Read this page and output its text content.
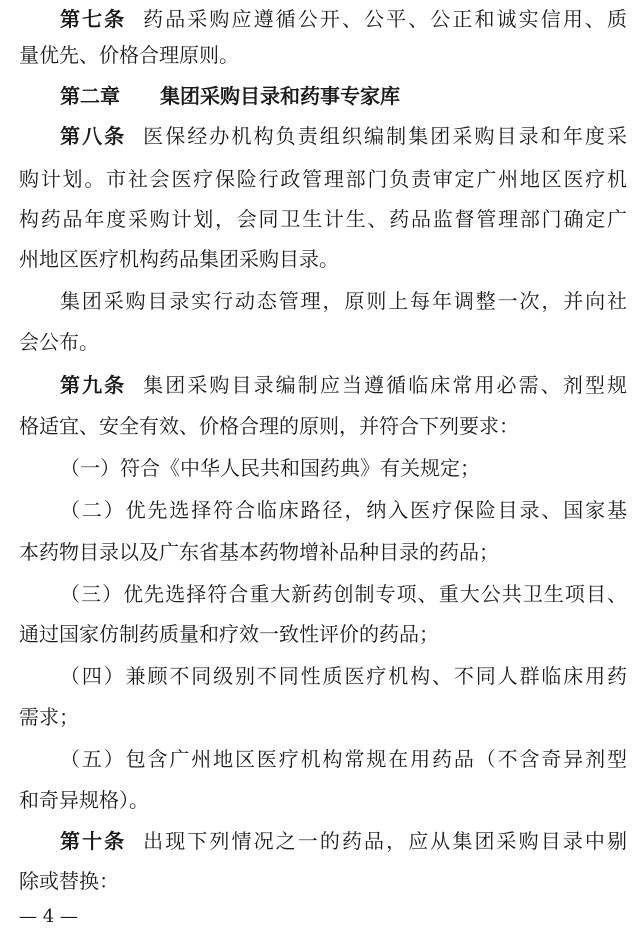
第七条 药品采购应遵循公开、公平、公正和诚实信用、质
量优先、价格合理原则。
第二章 集团采购目录和药事专家库
第八条 医保经办机构负责组织编制集团采购目录和年度采
购计划。市社会医疗保险行政管理部门负责审定广州地区医疗机
构药品年度采购计划，会同卫生计生、药品监督管理部门确定广
州地区医疗机构药品集团采购目录。
集团采购目录实行动态管理，原则上每年调整一次，并向社
会公布。
第九条 集团采购目录编制应当遵循临床常用必需、剂型规
格适宜、安全有效、价格合理的原则，并符合下列要求：
（一）符合《中华人民共和国药典》有关规定；
（二）优先选择符合临床路径，纳入医疗保险目录、国家基
本药物目录以及广东省基本药物增补品种目录的药品；
（三）优先选择符合重大新药创制专项、重大公共卫生项目、
通过国家仿制药质量和疗效一致性评价的药品；
（四）兼顾不同级别不同性质医疗机构、不同人群临床用药
需求；
（五）包含广州地区医疗机构常规在用药品（不含奇异剂型
和奇异规格）。
第十条 出现下列情况之一的药品，应从集团采购目录中剔
除或替换：
— 4 —
